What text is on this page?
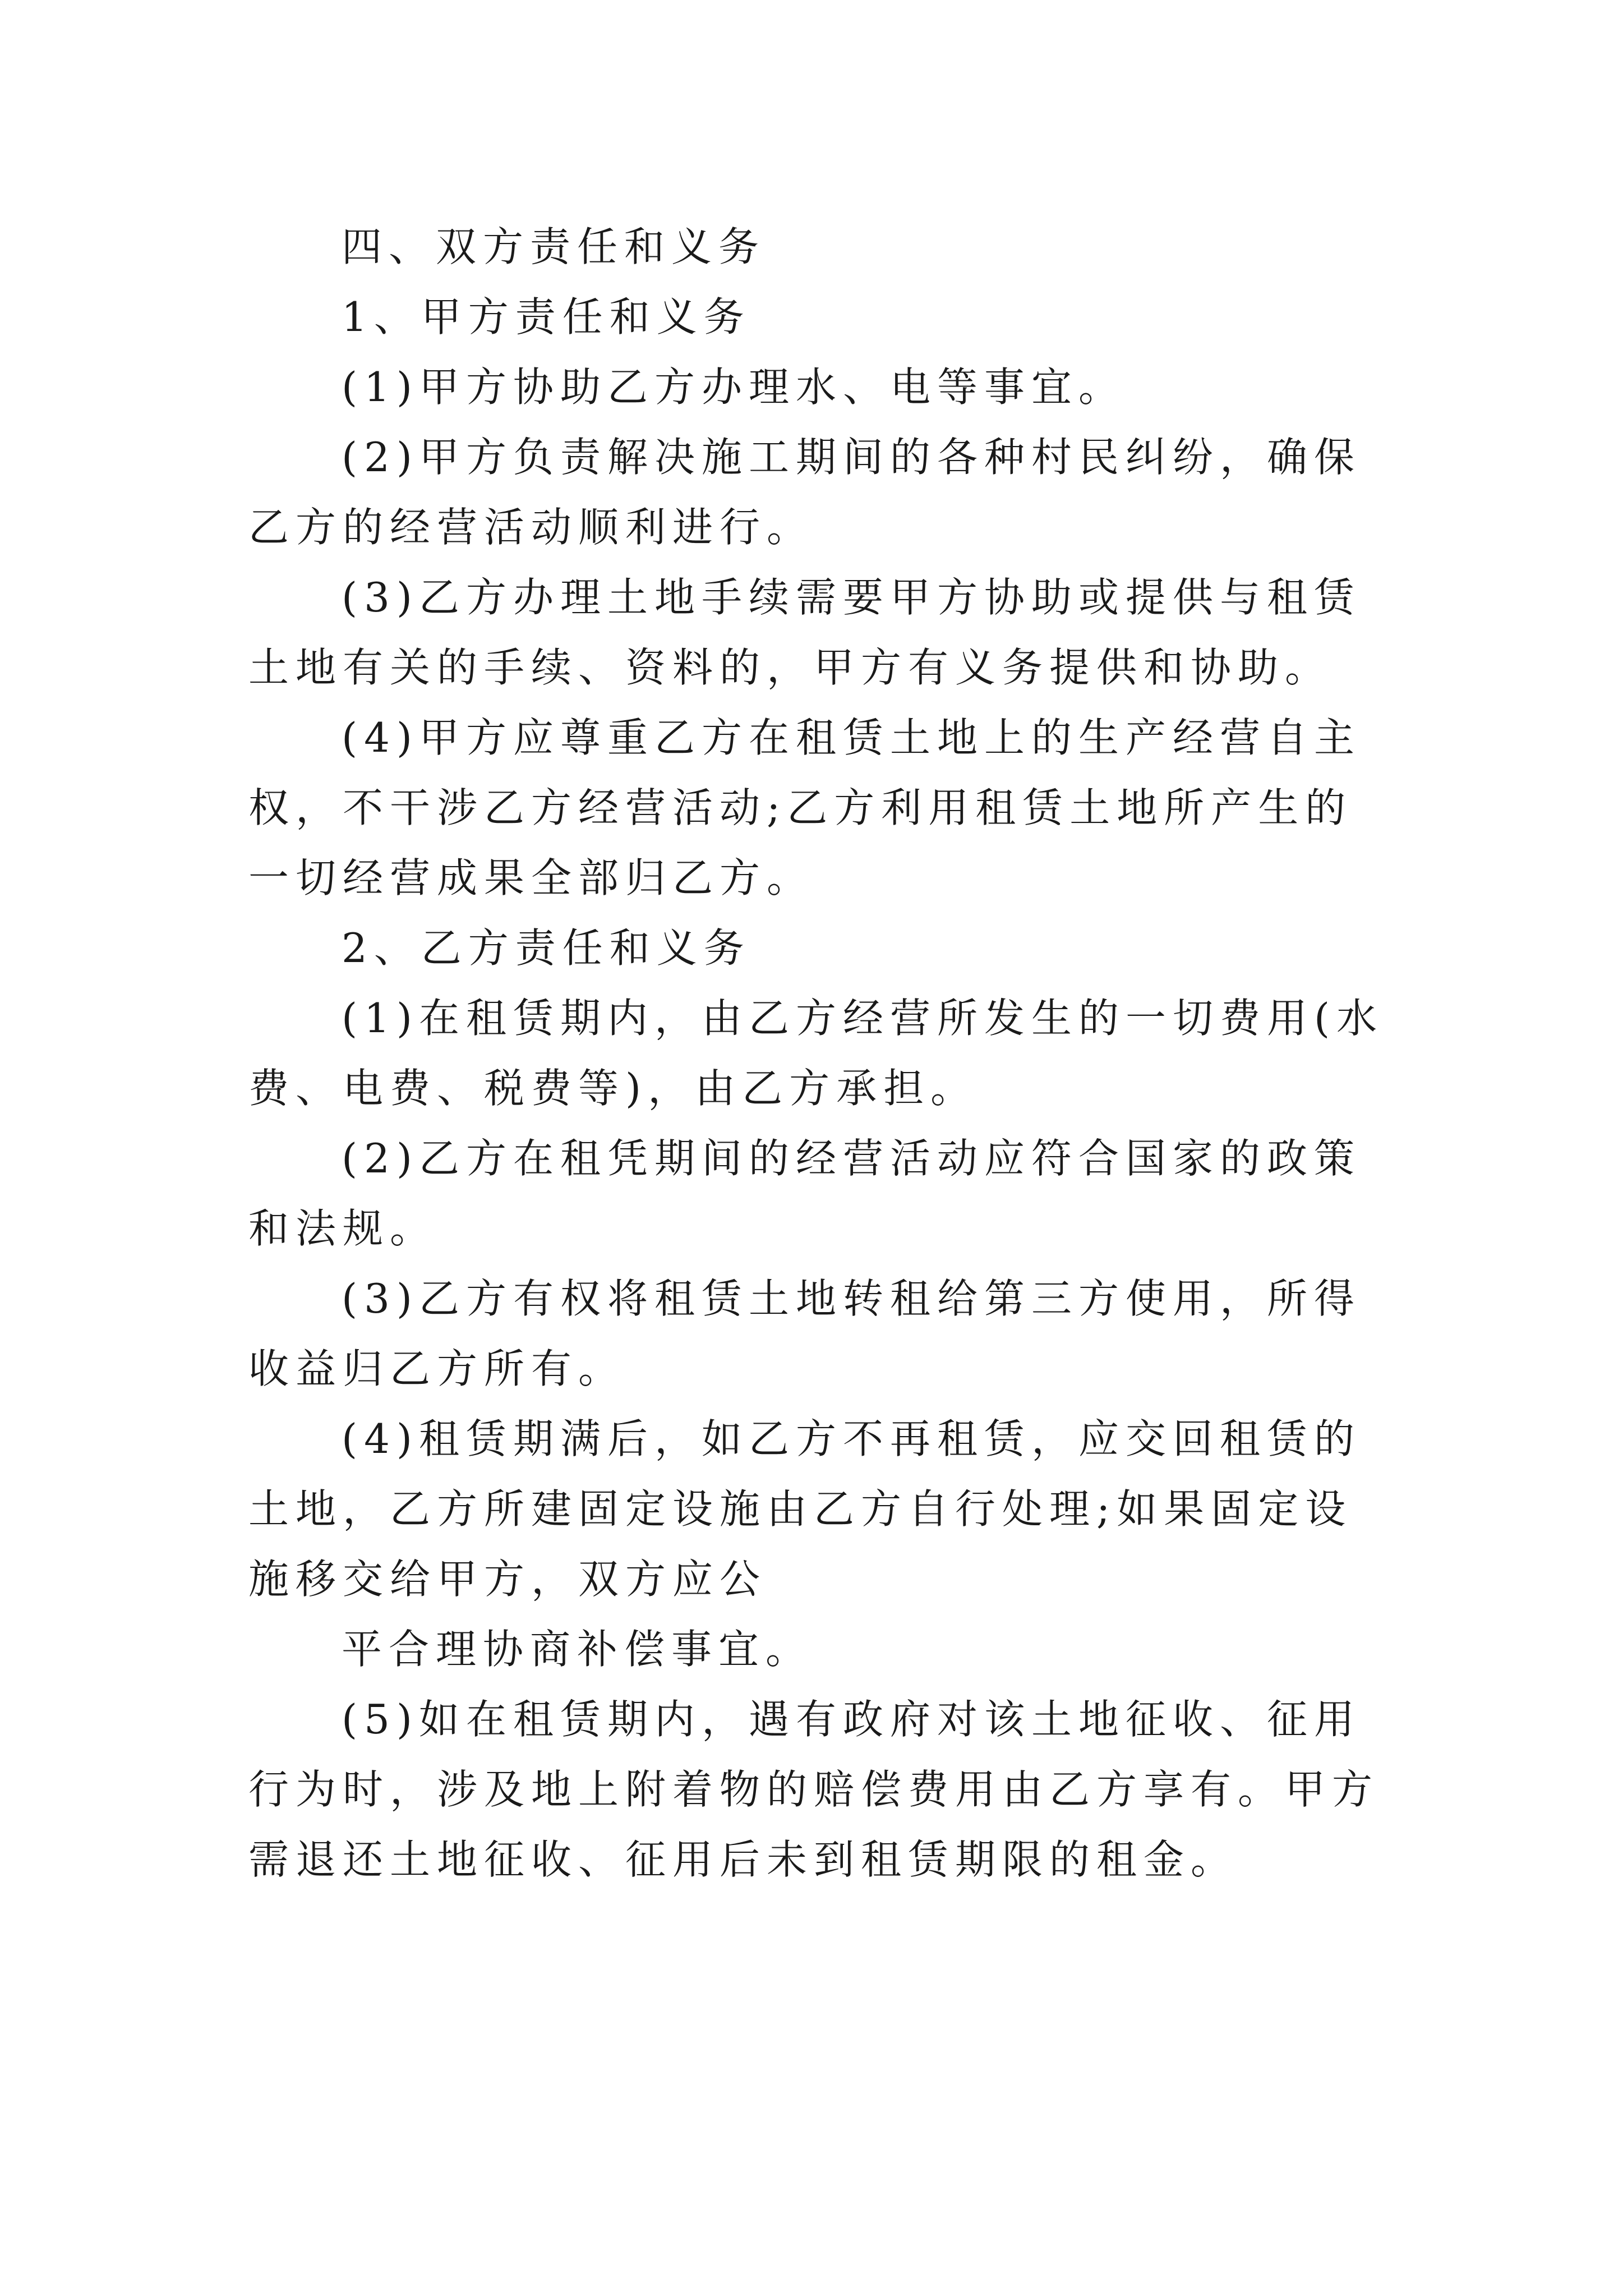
四、双方责任和义务

1、甲方责任和义务

(1)甲方协助乙方办理水、电等事宜。

(2)甲方负责解决施工期间的各种村民纠纷，确保乙方的经营活动顺利进行。

(3)乙方办理土地手续需要甲方协助或提供与租赁土地有关的手续、资料的，甲方有义务提供和协助。

(4)甲方应尊重乙方在租赁土地上的生产经营自主权，不干涉乙方经营活动;乙方利用租赁土地所产生的一切经营成果全部归乙方。

2、乙方责任和义务

(1)在租赁期内，由乙方经营所发生的一切费用(水费、电费、税费等)，由乙方承担。

(2)乙方在租凭期间的经营活动应符合国家的政策和法规。

(3)乙方有权将租赁土地转租给第三方使用，所得收益归乙方所有。

(4)租赁期满后，如乙方不再租赁，应交回租赁的土地，乙方所建固定设施由乙方自行处理;如果固定设施移交给甲方，双方应公

平合理协商补偿事宜。

(5)如在租赁期内，遇有政府对该土地征收、征用行为时，涉及地上附着物的赔偿费用由乙方享有。甲方需退还土地征收、征用后未到租赁期限的租金。
